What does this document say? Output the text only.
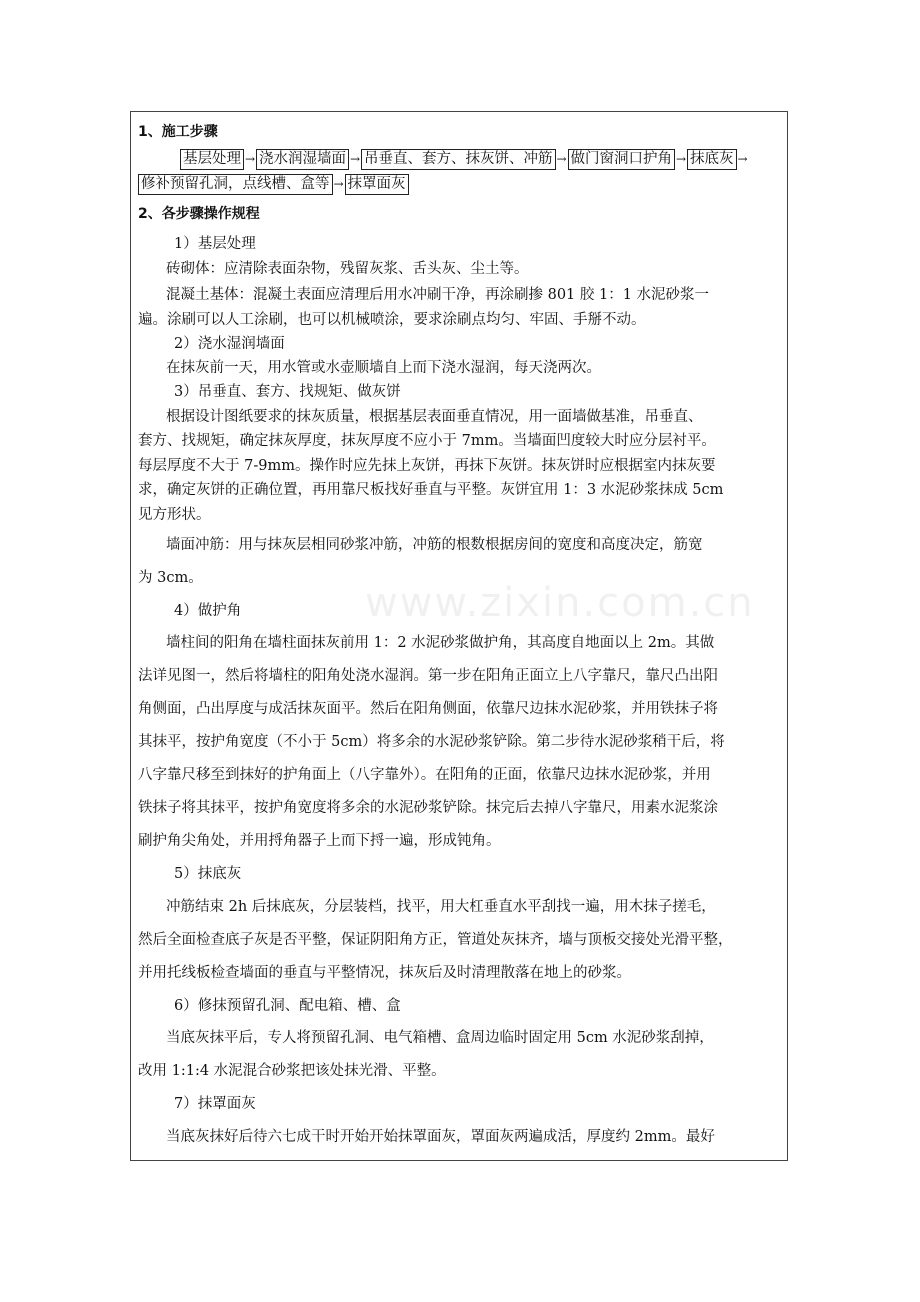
www.zixin.com.cn
1、施工步骤
基层处理 → 浇水润湿墙面 → 吊垂直、套方、抹灰饼、冲筋 → 做门窗洞口护角 → 抹底灰 →
修补预留孔洞，点线槽、盒等 → 抹罩面灰
2、各步骤操作规程
1）基层处理
砖砌体：应清除表面杂物，残留灰浆、舌头灰、尘土等。
混凝土基体：混凝土表面应清理后用水冲刷干净，再涂刷掺 801 胶 1：1 水泥砂浆一
遍。涂刷可以人工涂刷，也可以机械喷涂，要求涂刷点均匀、牢固、手掰不动。
2）浇水湿润墙面
在抹灰前一天，用水管或水壶顺墙自上而下浇水湿润，每天浇两次。
3）吊垂直、套方、找规矩、做灰饼
根据设计图纸要求的抹灰质量，根据基层表面垂直情况，用一面墙做基准，吊垂直、
套方、找规矩，确定抹灰厚度，抹灰厚度不应小于 7mm。当墙面凹度较大时应分层衬平。
每层厚度不大于 7-9mm。操作时应先抹上灰饼，再抹下灰饼。抹灰饼时应根据室内抹灰要
求，确定灰饼的正确位置，再用靠尺板找好垂直与平整。灰饼宜用 1：3 水泥砂浆抹成 5cm
见方形状。
墙面冲筋：用与抹灰层相同砂浆冲筋，冲筋的根数根据房间的宽度和高度决定，筋宽
为 3cm。
4）做护角
墙柱间的阳角在墙柱面抹灰前用 1：2 水泥砂浆做护角，其高度自地面以上 2m。其做
法详见图一，然后将墙柱的阳角处浇水湿润。第一步在阳角正面立上八字靠尺，靠尺凸出阳
角侧面，凸出厚度与成活抹灰面平。然后在阳角侧面，依靠尺边抹水泥砂浆，并用铁抹子将
其抹平，按护角宽度（不小于 5cm）将多余的水泥砂浆铲除。第二步待水泥砂浆稍干后，将
八字靠尺移至到抹好的护角面上（八字靠外）。在阳角的正面，依靠尺边抹水泥砂浆，并用
铁抹子将其抹平，按护角宽度将多余的水泥砂浆铲除。抹完后去掉八字靠尺，用素水泥浆涂
刷护角尖角处，并用捋角器子上而下捋一遍，形成钝角。
5）抹底灰
冲筋结束 2h 后抹底灰，分层装档，找平，用大杠垂直水平刮找一遍，用木抹子搓毛，
然后全面检查底子灰是否平整，保证阴阳角方正，管道处灰抹齐，墙与顶板交接处光滑平整，
并用托线板检查墙面的垂直与平整情况，抹灰后及时清理散落在地上的砂浆。
6）修抹预留孔洞、配电箱、槽、盒
当底灰抹平后，专人将预留孔洞、电气箱槽、盒周边临时固定用 5cm 水泥砂浆刮掉，
改用 1:1:4 水泥混合砂浆把该处抹光滑、平整。
7）抹罩面灰
当底灰抹好后待六七成干时开始开始抹罩面灰，罩面灰两遍成活，厚度约 2mm。最好
